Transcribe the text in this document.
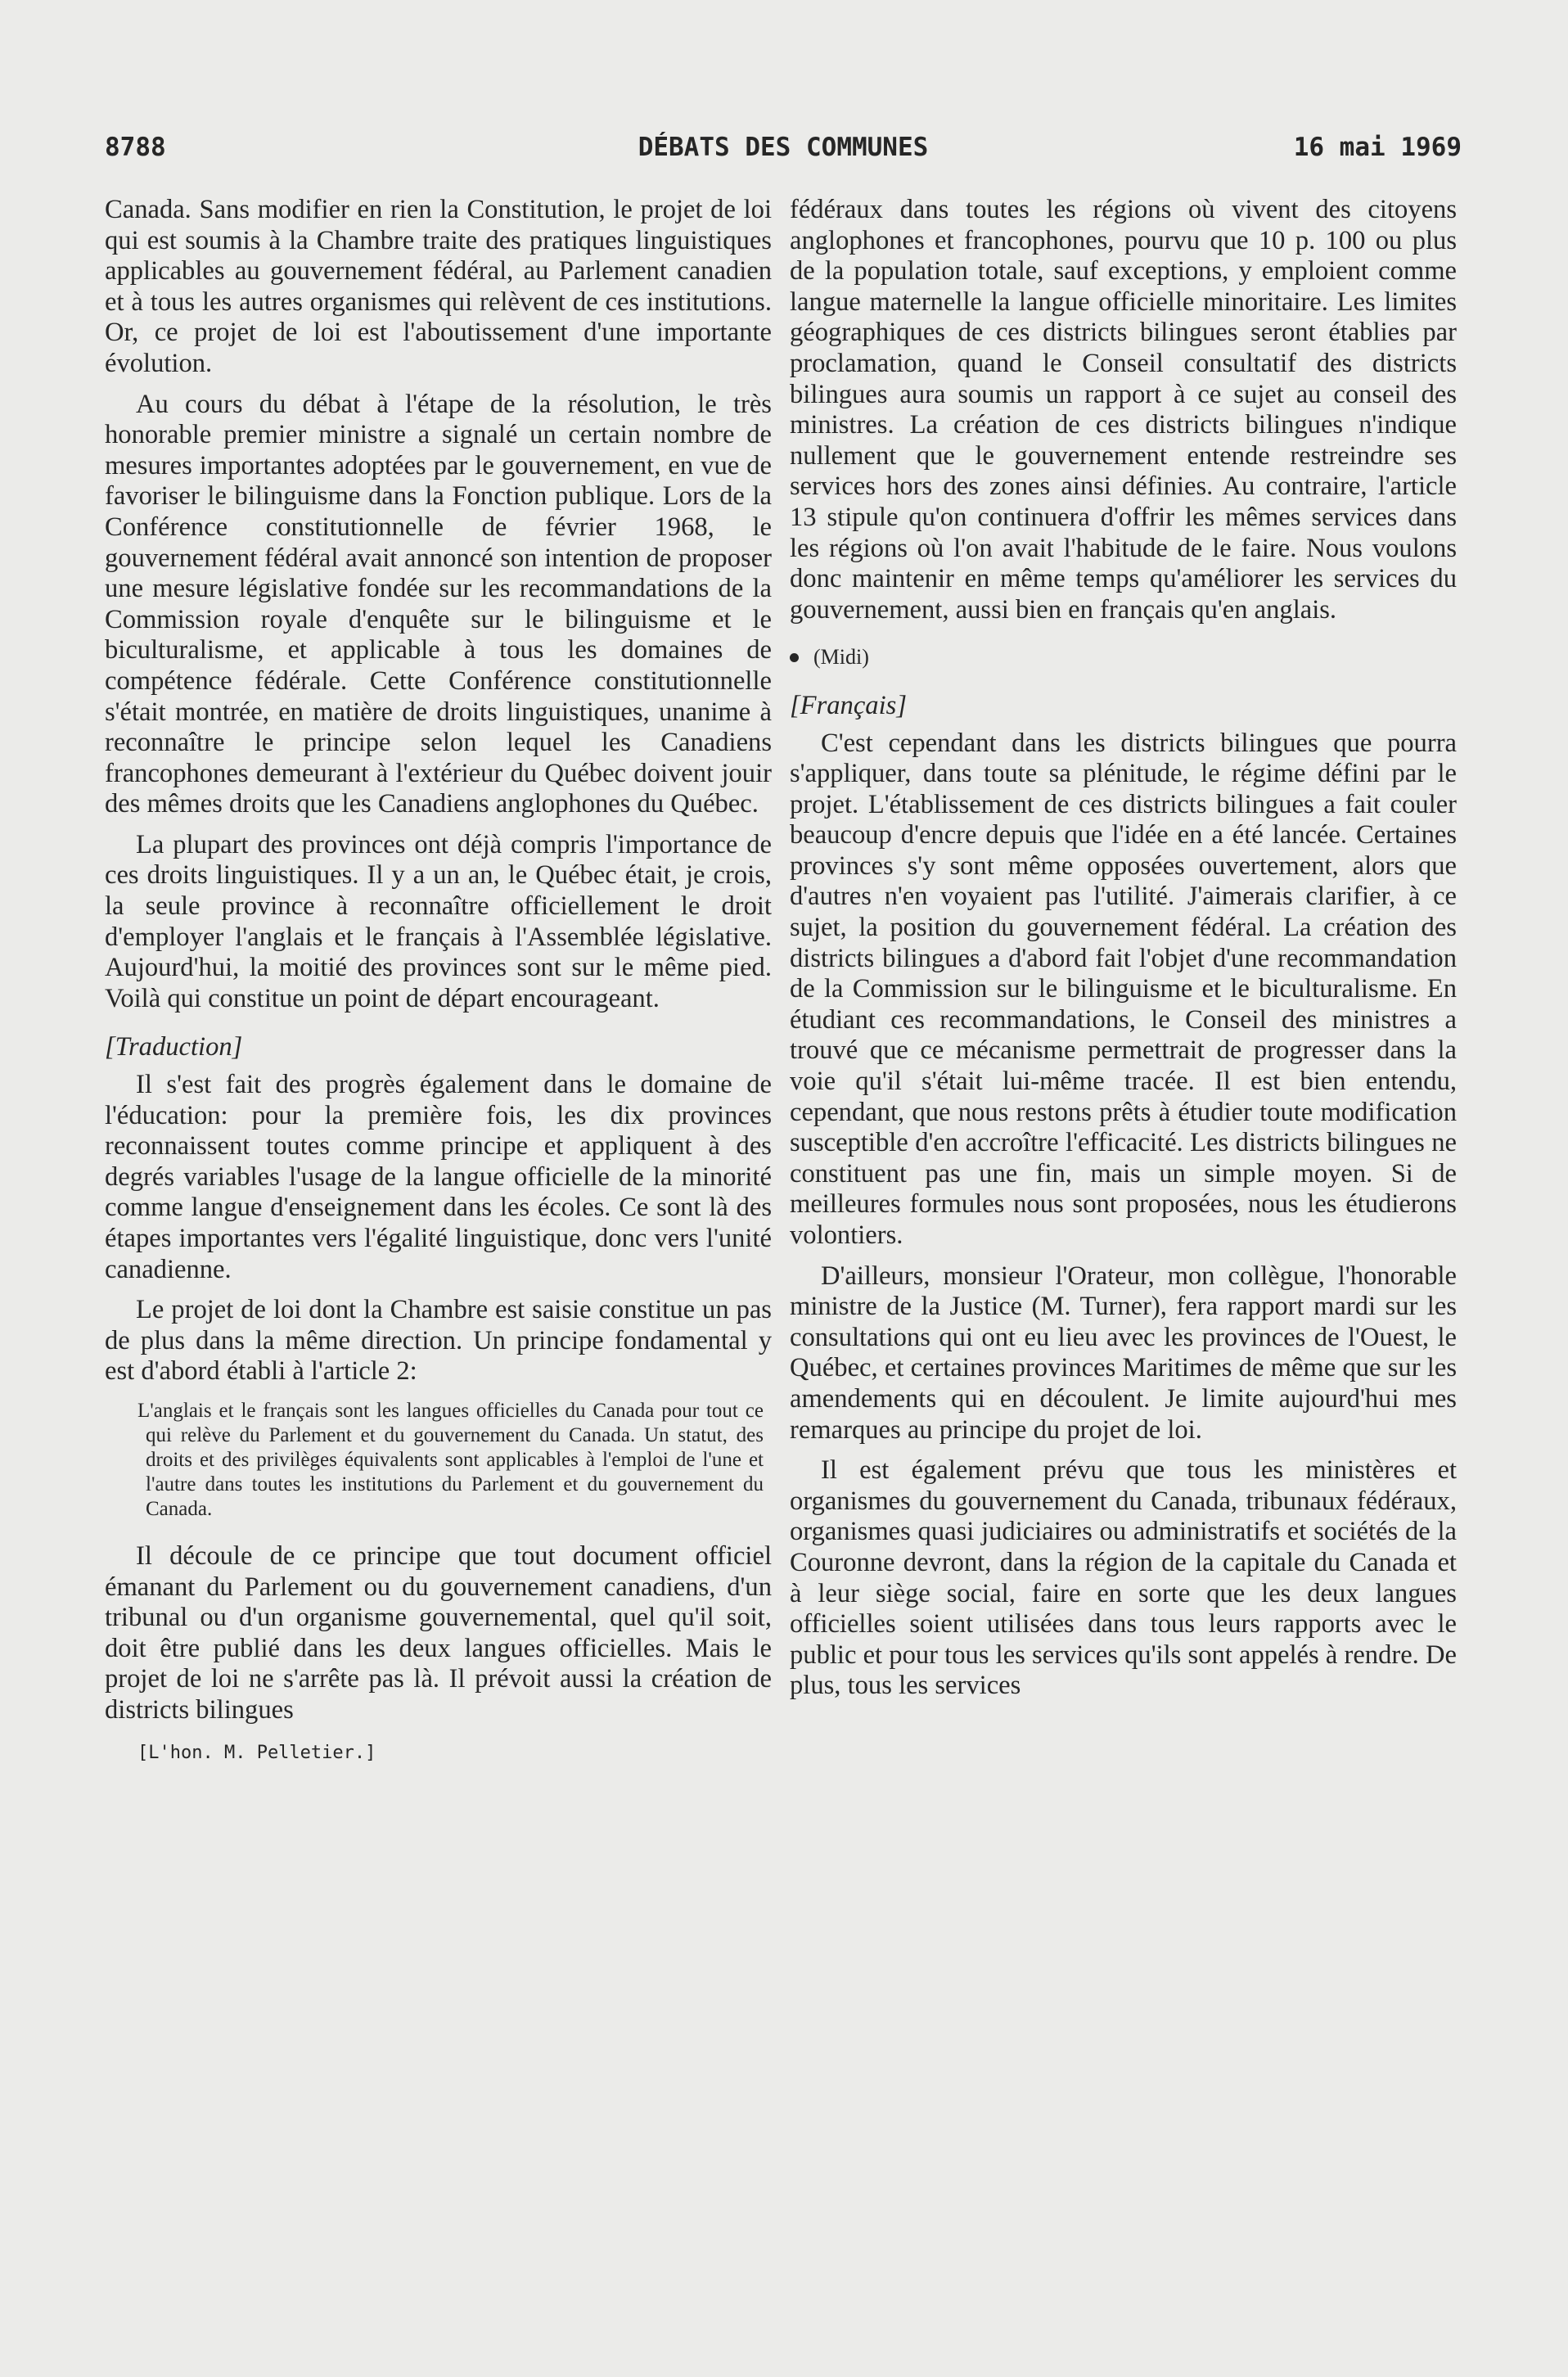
8788	DÉBATS DES COMMUNES	16 mai 1969

Canada. Sans modifier en rien la Constitution, le projet de loi qui est soumis à la Chambre traite des pratiques linguistiques applicables au gouvernement fédéral, au Parlement canadien et à tous les autres organismes qui relèvent de ces institutions. Or, ce projet de loi est l'aboutissement d'une importante évolution.

Au cours du débat à l'étape de la résolution, le très honorable premier ministre a signalé un certain nombre de mesures importantes adoptées par le gouvernement, en vue de favoriser le bilinguisme dans la Fonction publique. Lors de la Conférence constitutionnelle de février 1968, le gouvernement fédéral avait annoncé son intention de proposer une mesure législative fondée sur les recommandations de la Commission royale d'enquête sur le bilinguisme et le biculturalisme, et applicable à tous les domaines de compétence fédérale. Cette Conférence constitutionnelle s'était montrée, en matière de droits linguistiques, unanime à reconnaître le principe selon lequel les Canadiens francophones demeurant à l'extérieur du Québec doivent jouir des mêmes droits que les Canadiens anglophones du Québec.

La plupart des provinces ont déjà compris l'importance de ces droits linguistiques. Il y a un an, le Québec était, je crois, la seule province à reconnaître officiellement le droit d'employer l'anglais et le français à l'Assemblée législative. Aujourd'hui, la moitié des provinces sont sur le même pied. Voilà qui constitue un point de départ encourageant.

[Traduction]

Il s'est fait des progrès également dans le domaine de l'éducation: pour la première fois, les dix provinces reconnaissent toutes comme principe et appliquent à des degrés variables l'usage de la langue officielle de la minorité comme langue d'enseignement dans les écoles. Ce sont là des étapes importantes vers l'égalité linguistique, donc vers l'unité canadienne.

Le projet de loi dont la Chambre est saisie constitue un pas de plus dans la même direction. Un principe fondamental y est d'abord établi à l'article 2:

L'anglais et le français sont les langues officielles du Canada pour tout ce qui relève du Parlement et du gouvernement du Canada. Un statut, des droits et des privilèges équivalents sont applicables à l'emploi de l'une et l'autre dans toutes les institutions du Parlement et du gouvernement du Canada.

Il découle de ce principe que tout document officiel émanant du Parlement ou du gouvernement canadiens, d'un tribunal ou d'un organisme gouvernemental, quel qu'il soit, doit être publié dans les deux langues officielles. Mais le projet de loi ne s'arrête pas là. Il prévoit aussi la création de districts bilingues

[L'hon. M. Pelletier.]

fédéraux dans toutes les régions où vivent des citoyens anglophones et francophones, pourvu que 10 p. 100 ou plus de la population totale, sauf exceptions, y emploient comme langue maternelle la langue officielle minoritaire. Les limites géographiques de ces districts bilingues seront établies par proclamation, quand le Conseil consultatif des districts bilingues aura soumis un rapport à ce sujet au conseil des ministres. La création de ces districts bilingues n'indique nullement que le gouvernement entende restreindre ses services hors des zones ainsi définies. Au contraire, l'article 13 stipule qu'on continuera d'offrir les mêmes services dans les régions où l'on avait l'habitude de le faire. Nous voulons donc maintenir en même temps qu'améliorer les services du gouvernement, aussi bien en français qu'en anglais.

(Midi)
[Français]

C'est cependant dans les districts bilingues que pourra s'appliquer, dans toute sa plénitude, le régime défini par le projet. L'établissement de ces districts bilingues a fait couler beaucoup d'encre depuis que l'idée en a été lancée. Certaines provinces s'y sont même opposées ouvertement, alors que d'autres n'en voyaient pas l'utilité. J'aimerais clarifier, à ce sujet, la position du gouvernement fédéral. La création des districts bilingues a d'abord fait l'objet d'une recommandation de la Commission sur le bilinguisme et le biculturalisme. En étudiant ces recommandations, le Conseil des ministres a trouvé que ce mécanisme permettrait de progresser dans la voie qu'il s'était lui-même tracée. Il est bien entendu, cependant, que nous restons prêts à étudier toute modification susceptible d'en accroître l'efficacité. Les districts bilingues ne constituent pas une fin, mais un simple moyen. Si de meilleures formules nous sont proposées, nous les étudierons volontiers.

D'ailleurs, monsieur l'Orateur, mon collègue, l'honorable ministre de la Justice (M. Turner), fera rapport mardi sur les consultations qui ont eu lieu avec les provinces de l'Ouest, le Québec, et certaines provinces Maritimes de même que sur les amendements qui en découlent. Je limite aujourd'hui mes remarques au principe du projet de loi.

Il est également prévu que tous les ministères et organismes du gouvernement du Canada, tribunaux fédéraux, organismes quasi judiciaires ou administratifs et sociétés de la Couronne devront, dans la région de la capitale du Canada et à leur siège social, faire en sorte que les deux langues officielles soient utilisées dans tous leurs rapports avec le public et pour tous les services qu'ils sont appelés à rendre. De plus, tous les services
